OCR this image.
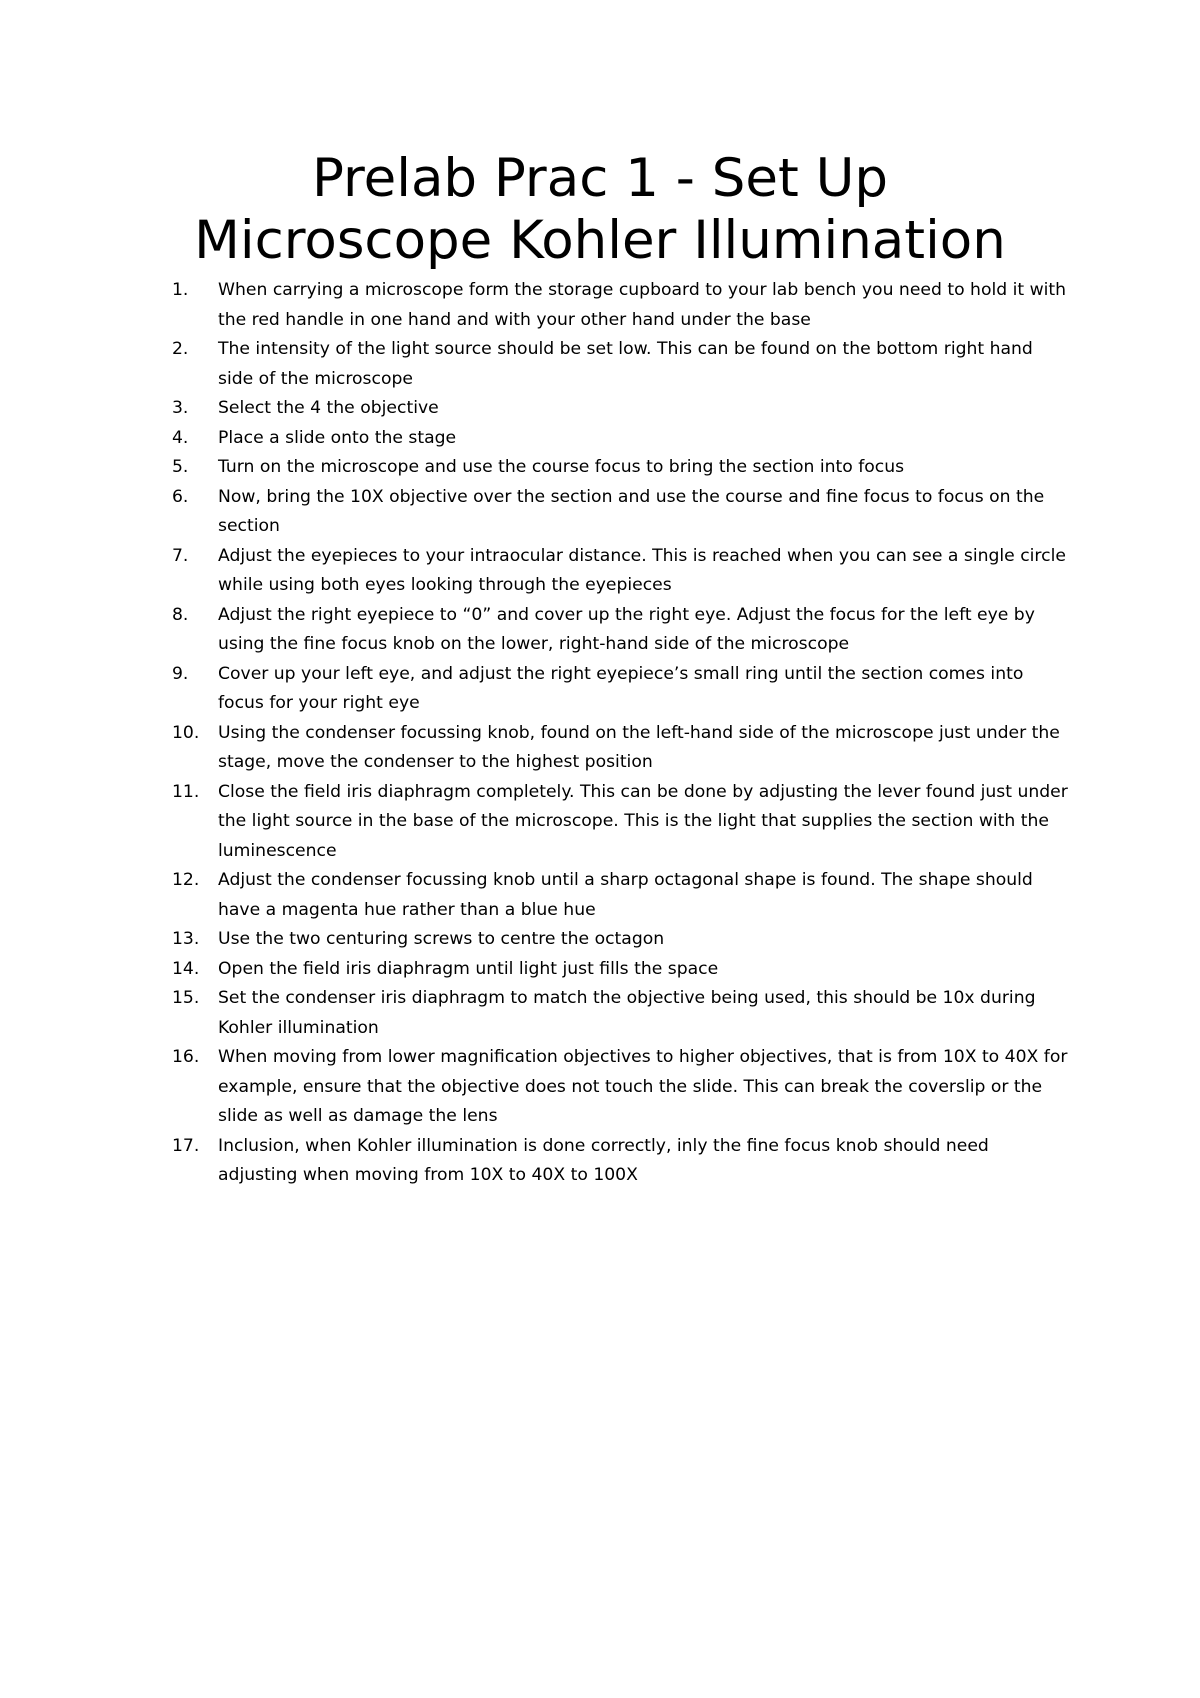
Prelab Prac 1 - Set Up
Microscope Kohler Illumination
1.	When carrying a microscope form the storage cupboard to your lab bench you need to hold it with the red handle in one hand and with your other hand under the base
2.	The intensity of the light source should be set low. This can be found on the bottom right hand side of the microscope
3.	Select the 4 the objective
4.	Place a slide onto the stage
5.	Turn on the microscope and use the course focus to bring the section into focus
6.	Now, bring the 10X objective over the section and use the course and fine focus to focus on the section
7.	Adjust the eyepieces to your intraocular distance. This is reached when you can see a single circle while using both eyes looking through the eyepieces
8.	Adjust the right eyepiece to “0” and cover up the right eye. Adjust the focus for the left eye by using the fine focus knob on the lower, right-hand side of the microscope
9.	Cover up your left eye, and adjust the right eyepiece’s small ring until the section comes into focus for your right eye
10.	Using the condenser focussing knob, found on the left-hand side of the microscope just under the stage, move the condenser to the highest position
11.	Close the field iris diaphragm completely. This can be done by adjusting the lever found just under the light source in the base of the microscope. This is the light that supplies the section with the luminescence
12.	Adjust the condenser focussing knob until a sharp octagonal shape is found. The shape should have a magenta hue rather than a blue hue
13.	Use the two centuring screws to centre the octagon
14.	Open the field iris diaphragm until light just fills the space
15.	Set the condenser iris diaphragm to match the objective being used, this should be 10x during Kohler illumination
16.	When moving from lower magnification objectives to higher objectives, that is from 10X to 40X for example, ensure that the objective does not touch the slide. This can break the coverslip or the slide as well as damage the lens
17.	Inclusion, when Kohler illumination is done correctly, inly the fine focus knob should need adjusting when moving from 10X to 40X to 100X
